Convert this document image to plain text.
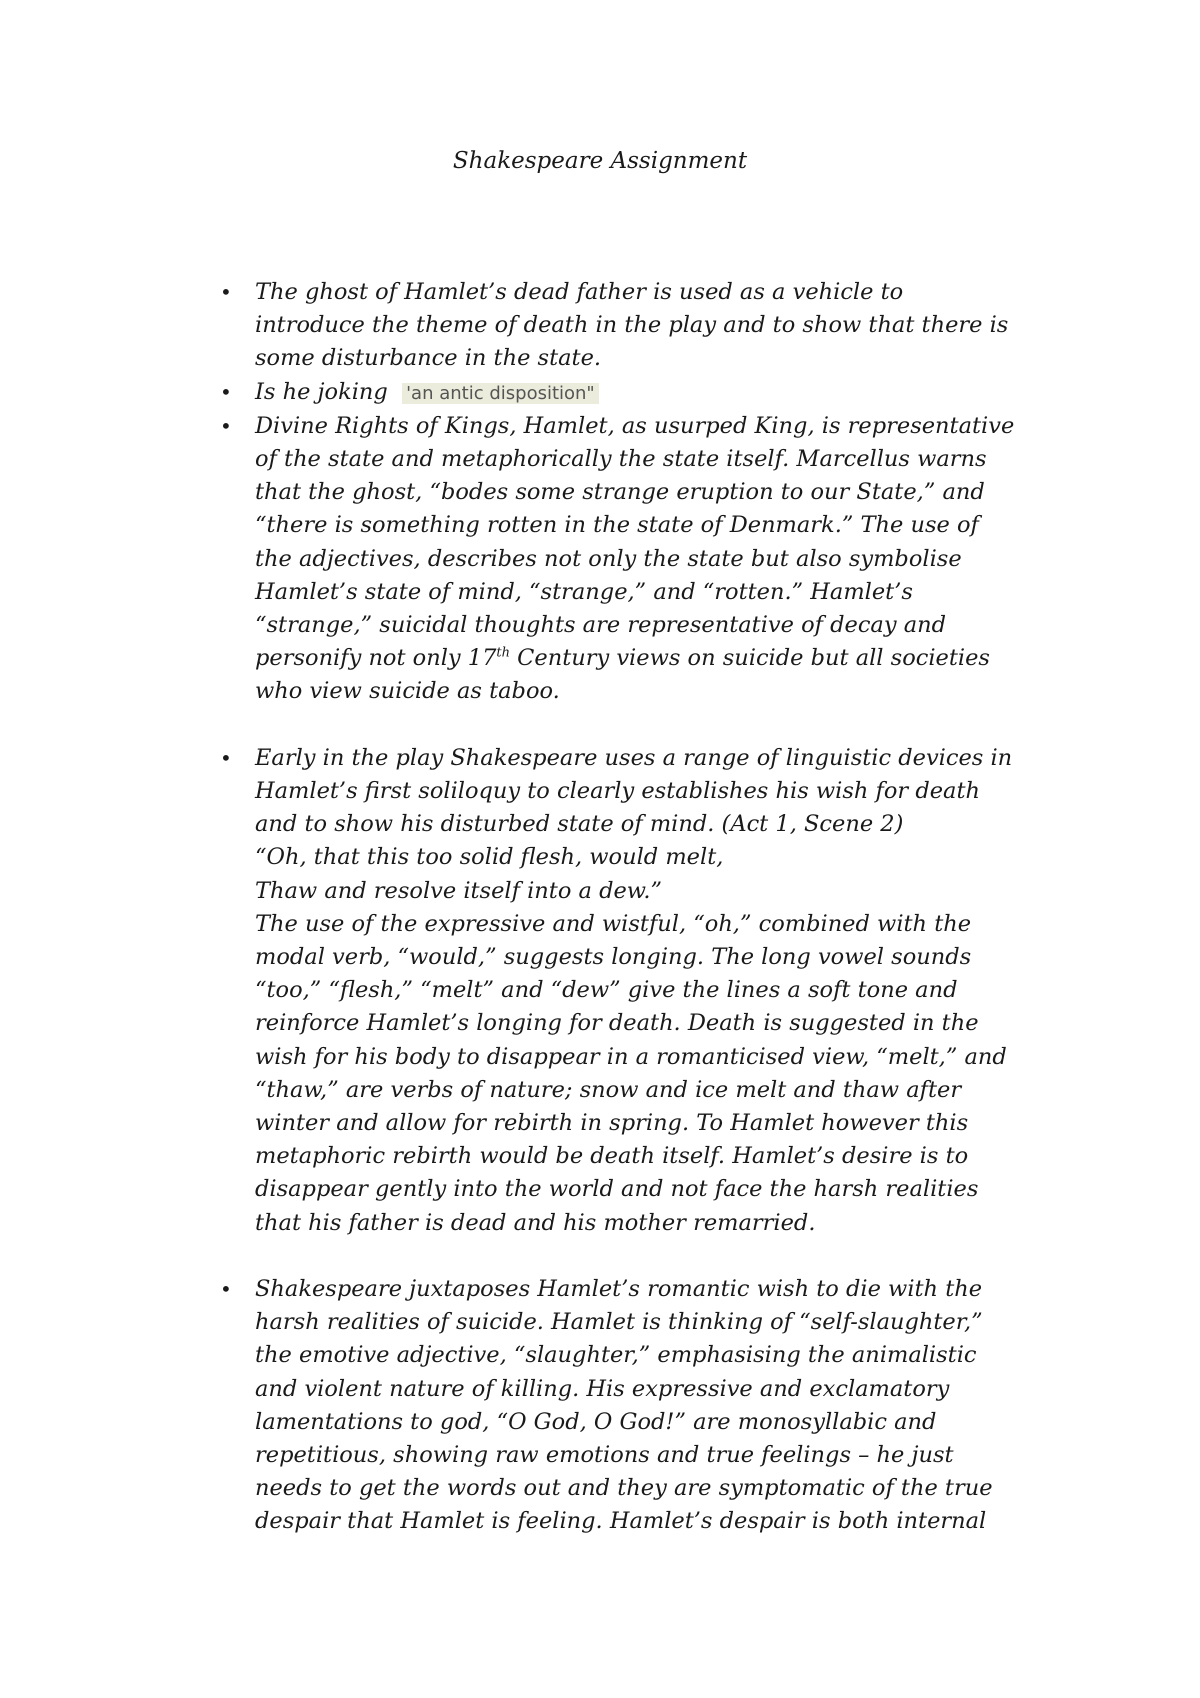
Shakespeare Assignment
• The ghost of Hamlet’s dead father is used as a vehicle to
introduce the theme of death in the play and to show that there is
some disturbance in the state.
• Is he joking 'an antic disposition"
• Divine Rights of Kings, Hamlet, as usurped King, is representative
of the state and metaphorically the state itself. Marcellus warns
that the ghost, “bodes some strange eruption to our State,” and
“there is something rotten in the state of Denmark.” The use of
the adjectives, describes not only the state but also symbolise
Hamlet’s state of mind, “strange,” and “rotten.” Hamlet’s
“strange,” suicidal thoughts are representative of decay and
personify not only 17th Century views on suicide but all societies
who view suicide as taboo.
• Early in the play Shakespeare uses a range of linguistic devices in
Hamlet’s first soliloquy to clearly establishes his wish for death
and to show his disturbed state of mind. (Act 1, Scene 2)
“Oh, that this too solid flesh, would melt,
Thaw and resolve itself into a dew.”
The use of the expressive and wistful, “oh,” combined with the
modal verb, “would,” suggests longing. The long vowel sounds
“too,” “flesh,” “melt” and “dew” give the lines a soft tone and
reinforce Hamlet’s longing for death. Death is suggested in the
wish for his body to disappear in a romanticised view, “melt,” and
“thaw,” are verbs of nature; snow and ice melt and thaw after
winter and allow for rebirth in spring. To Hamlet however this
metaphoric rebirth would be death itself. Hamlet’s desire is to
disappear gently into the world and not face the harsh realities
that his father is dead and his mother remarried.
• Shakespeare juxtaposes Hamlet’s romantic wish to die with the
harsh realities of suicide. Hamlet is thinking of “self-slaughter,”
the emotive adjective, “slaughter,” emphasising the animalistic
and violent nature of killing. His expressive and exclamatory
lamentations to god, “O God, O God!” are monosyllabic and
repetitious, showing raw emotions and true feelings – he just
needs to get the words out and they are symptomatic of the true
despair that Hamlet is feeling. Hamlet’s despair is both internal
